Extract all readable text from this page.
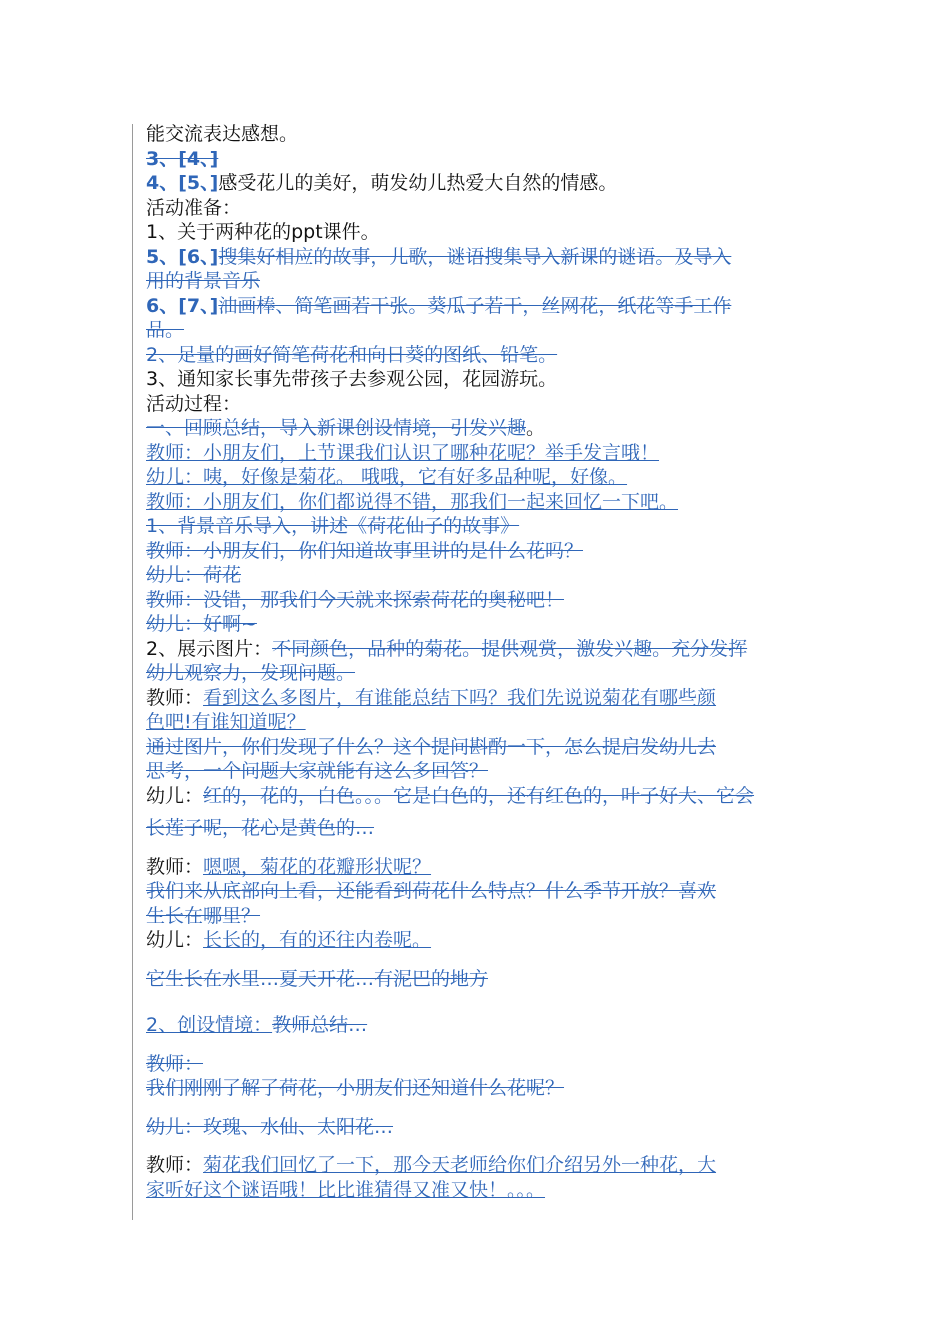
能交流表达感想。
3、[4、]
4、[5、]感受花儿的美好，萌发幼儿热爱大自然的情感。
活动准备：
1、关于两种花的ppt课件。
5、[6、]搜集好相应的故事，儿歌，谜语搜集导入新课的谜语。及导入
用的背景音乐
6、[7、]油画棒、简笔画若干张。葵瓜子若干，丝网花，纸花等手工作
品。
2、足量的画好简笔荷花和向日葵的图纸、铅笔。
3、通知家长事先带孩子去参观公园，花园游玩。
活动过程：
一、回顾总结，导入新课创设情境，引发兴趣。
教师：小朋友们，上节课我们认识了哪种花呢？举手发言哦！
幼儿：咦，好像是菊花。 哦哦，它有好多品种呢，好像。
教师：小朋友们，你们都说得不错，那我们一起来回忆一下吧。
1、背景音乐导入，讲述《荷花仙子的故事》
教师：小朋友们，你们知道故事里讲的是什么花吗？
幼儿：荷花
教师：没错，那我们今天就来探索荷花的奥秘吧！
幼儿：好啊~
2、展示图片：不同颜色，品种的菊花。提供观赏，激发兴趣。充分发挥
幼儿观察力，发现问题。
教师：看到这么多图片，有谁能总结下吗？我们先说说菊花有哪些颜
色吧!有谁知道呢？
通过图片，你们发现了什么？这个提问斟酌一下，怎么提启发幼儿去
思考，一个问题大家就能有这么多回答？
幼儿：红的，花的，白色。。。它是白色的，还有红色的，叶子好大、它会
长莲子呢，花心是黄色的…
教师：嗯嗯，菊花的花瓣形状呢？
我们来从底部向上看，还能看到荷花什么特点？什么季节开放？喜欢
生长在哪里？
幼儿：长长的，有的还往内卷呢。
它生长在水里…夏天开花…有泥巴的地方
2、创设情境：教师总结…
教师：
我们刚刚了解了荷花，小朋友们还知道什么花呢？
幼儿：玫瑰、水仙、太阳花…
教师：菊花我们回忆了一下，那今天老师给你们介绍另外一种花，大
家听好这个谜语哦！比比谁猜得又准又快！。。。
